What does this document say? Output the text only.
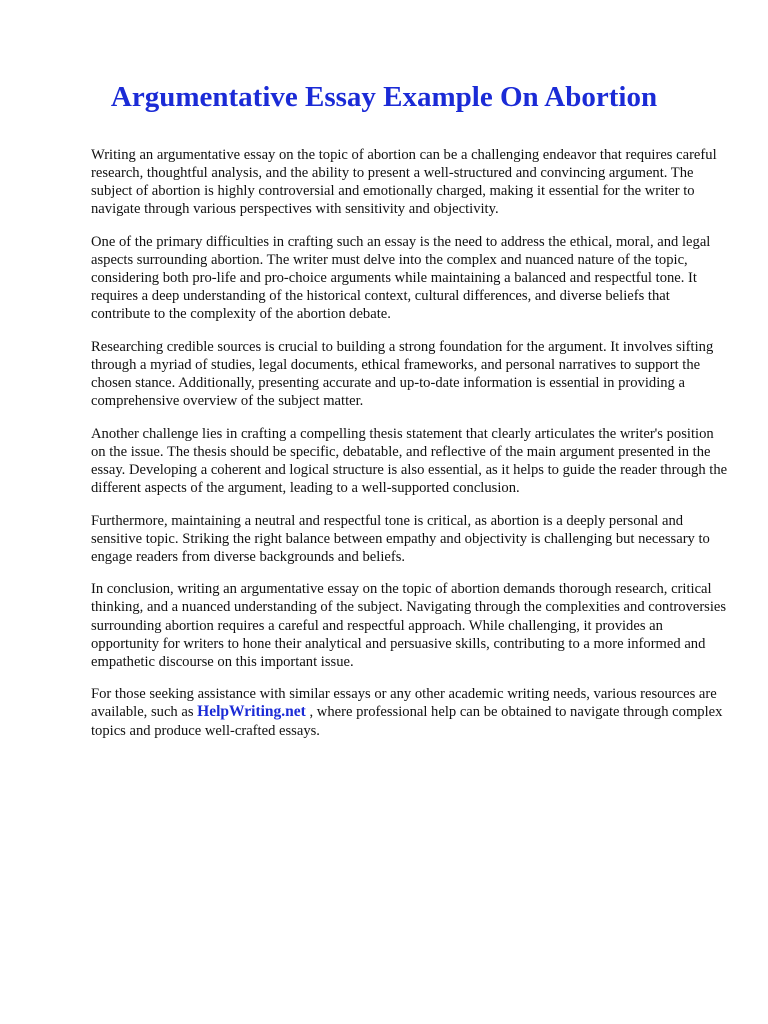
Argumentative Essay Example On Abortion

Writing an argumentative essay on the topic of abortion can be a challenging endeavor that requires careful research, thoughtful analysis, and the ability to present a well-structured and convincing argument. The subject of abortion is highly controversial and emotionally charged, making it essential for the writer to navigate through various perspectives with sensitivity and objectivity.

One of the primary difficulties in crafting such an essay is the need to address the ethical, moral, and legal aspects surrounding abortion. The writer must delve into the complex and nuanced nature of the topic, considering both pro-life and pro-choice arguments while maintaining a balanced and respectful tone. It requires a deep understanding of the historical context, cultural differences, and diverse beliefs that contribute to the complexity of the abortion debate.

Researching credible sources is crucial to building a strong foundation for the argument. It involves sifting through a myriad of studies, legal documents, ethical frameworks, and personal narratives to support the chosen stance. Additionally, presenting accurate and up-to-date information is essential in providing a comprehensive overview of the subject matter.

Another challenge lies in crafting a compelling thesis statement that clearly articulates the writer's position on the issue. The thesis should be specific, debatable, and reflective of the main argument presented in the essay. Developing a coherent and logical structure is also essential, as it helps to guide the reader through the different aspects of the argument, leading to a well-supported conclusion.

Furthermore, maintaining a neutral and respectful tone is critical, as abortion is a deeply personal and sensitive topic. Striking the right balance between empathy and objectivity is challenging but necessary to engage readers from diverse backgrounds and beliefs.

In conclusion, writing an argumentative essay on the topic of abortion demands thorough research, critical thinking, and a nuanced understanding of the subject. Navigating through the complexities and controversies surrounding abortion requires a careful and respectful approach. While challenging, it provides an opportunity for writers to hone their analytical and persuasive skills, contributing to a more informed and empathetic discourse on this important issue.

For those seeking assistance with similar essays or any other academic writing needs, various resources are available, such as HelpWriting.net , where professional help can be obtained to navigate through complex topics and produce well-crafted essays.
